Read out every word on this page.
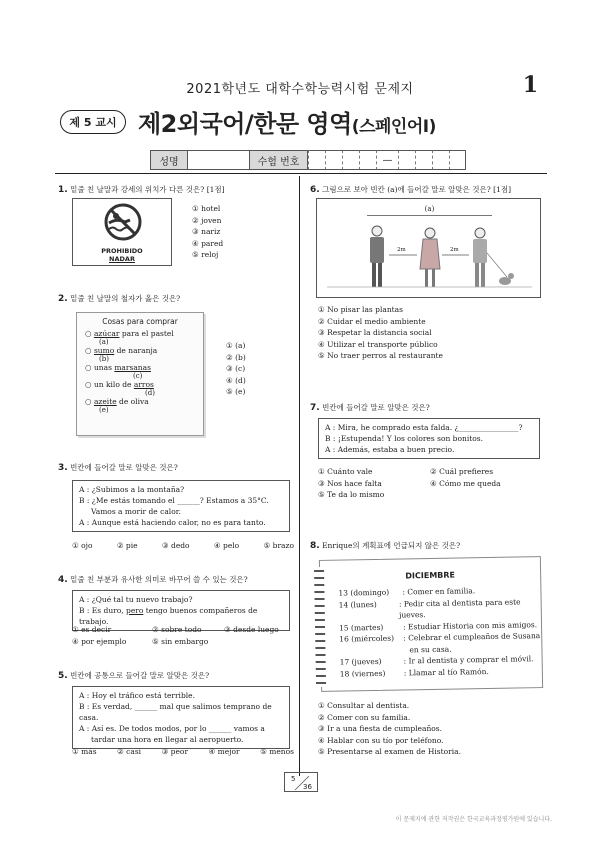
2021학년도 대학수학능력시험 문제지	1
제 5 교시 제2외국어/한문 영역(스페인어Ⅰ)
성명	수험 번호	—
1. 밑줄 친 날말과 강세의 위치가 다른 것은? [1점]
PROHIBIDO
NADAR
① hotel
② joven
③ nariz
④ pared
⑤ reloj
2. 밑줄 친 날말의 철자가 옳은 것은?
Cosas para comprar
○ azúcar para el pastel
(a)
○ sumo de naranja
(b)
○ unas marsanas
(c)
○ un kilo de arros
(d)
○ azeite de oliva
(e)
① (a)
② (b)
③ (c)
④ (d)
⑤ (e)
3. 빈칸에 들어갈 말로 알맞은 것은?
A : ¿Subimos a la montaña?
B : ¿Me estás tomando el ______? Estamos a 35°C.
Vamos a morir de calor.
A : Aunque está haciendo calor, no es para tanto.
① ojo	② pie	③ dedo	④ pelo	⑤ brazo
4. 밑줄 친 부분과 유사한 의미로 바꾸어 쓸 수 있는 것은?
A : ¿Qué tal tu nuevo trabajo?
B : Es duro, pero tengo buenos compañeros de trabajo.
① es decir	② sobre todo	③ desde luego
④ por ejemplo	⑤ sin embargo
5. 빈칸에 공통으로 들어갈 말로 알맞은 것은?
A : Hoy el tráfico está terrible.
B : Es verdad, ______ mal que salimos temprano de casa.
A : Así es. De todos modos, por lo ______ vamos a
tardar una hora en llegar al aeropuerto.
① más	② casi	③ peor	④ mejor	⑤ menos
6. 그림으로 보아 빈칸 (a)에 들어갈 말로 알맞은 것은? [1점]
(a)
2m	2m
① No pisar las plantas
② Cuidar el medio ambiente
③ Respetar la distancia social
④ Utilizar el transporte público
⑤ No traer perros al restaurante
7. 빈칸에 들어갈 말로 알맞은 것은?
A : Mira, he comprado esta falda. ¿________________?
B : ¡Estupenda! Y los colores son bonitos.
A : Además, estaba a buen precio.
① Cuánto vale	② Cuál prefieres
③ Nos hace falta	④ Cómo me queda
⑤ Te da lo mismo
8. Enrique의 계획표에 언급되지 않은 것은?
DICIEMBRE
13 (domingo)	: Comer en familia.
14 (lunes)	: Pedir cita al dentista para este jueves.
15 (martes)	: Estudiar Historia con mis amigos.
16 (miércoles)	: Celebrar el cumpleaños de Susana
en su casa.
17 (jueves)	: Ir al dentista y comprar el móvil.
18 (viernes)	: Llamar al tío Ramón.
① Consultar al dentista.
② Comer con su familia.
③ Ir a una fiesta de cumpleaños.
④ Hablar con su tío por teléfono.
⑤ Presentarse al examen de Historia.
5
36
이 문제지에 관한 저작권은 한국교육과정평가원에 있습니다.
